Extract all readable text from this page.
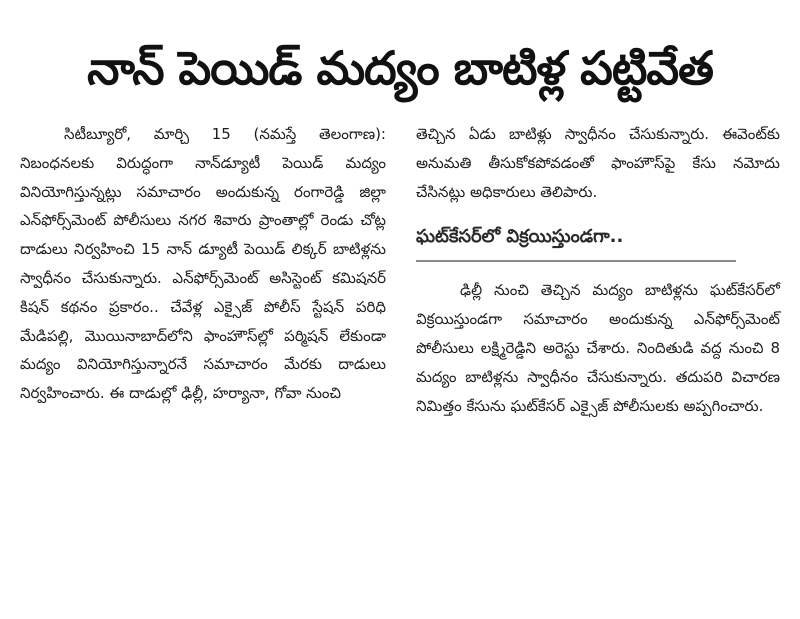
నాన్ పెయిడ్ మద్యం బాటిళ్ల పట్టివేత

సిటీబ్యూరో, మార్చి 15 (నమస్తే తెలంగాణ): నిబంధనలకు విరుద్ధంగా నాన్‌డ్యూటీ పెయిడ్ మద్యం వినియోగిస్తున్నట్లు సమాచారం అందుకున్న రంగారెడ్డి జిల్లా ఎన్‌ఫోర్స్‌మెంట్ పోలీసులు నగర శివారు ప్రాంతాల్లో రెండు చోట్ల దాడులు నిర్వహించి 15 నాన్ డ్యూటీ పెయిడ్ లిక్కర్ బాటిళ్లను స్వాధీనం చేసుకున్నారు. ఎన్‌ఫోర్స్‌మెంట్ అసిస్టెంట్ కమిషనర్ కిషన్ కథనం ప్రకారం.. చేవేళ్ల ఎక్సైజ్ పోలీస్ స్టేషన్ పరిధి మేడిపల్లి, మొయినాబాద్‌లోని ఫాంహౌస్‌ల్లో పర్మిషన్ లేకుండా మద్యం వినియోగిస్తున్నారనే సమాచారం మేరకు దాడులు నిర్వహించారు. ఈ దాడుల్లో ఢిల్లీ, హర్యానా, గోవా నుంచి

తెచ్చిన ఏడు బాటిళ్లు స్వాధీనం చేసుకున్నారు. ఈవెంట్‌కు అనుమతి తీసుకోకపోవడంతో ఫాంహౌస్‌పై కేసు నమోదు చేసినట్లు అధికారులు తెలిపారు.

ఘట్‌కేసర్‌లో విక్రయిస్తుండగా..

ఢిల్లీ నుంచి తెచ్చిన మద్యం బాటిళ్లను ఘట్‌కేసర్‌లో విక్రయిస్తుండగా సమాచారం అందుకున్న ఎన్‌ఫోర్స్‌మెంట్ పోలీసులు లక్ష్మిరెడ్డిని అరెస్టు చేశారు. నిందితుడి వద్ద నుంచి 8 మద్యం బాటిళ్లను స్వాధీనం చేసుకున్నారు. తదుపరి విచారణ నిమిత్తం కేసును ఘట్‌కేసర్ ఎక్సైజ్ పోలీసులకు అప్పగించారు.
